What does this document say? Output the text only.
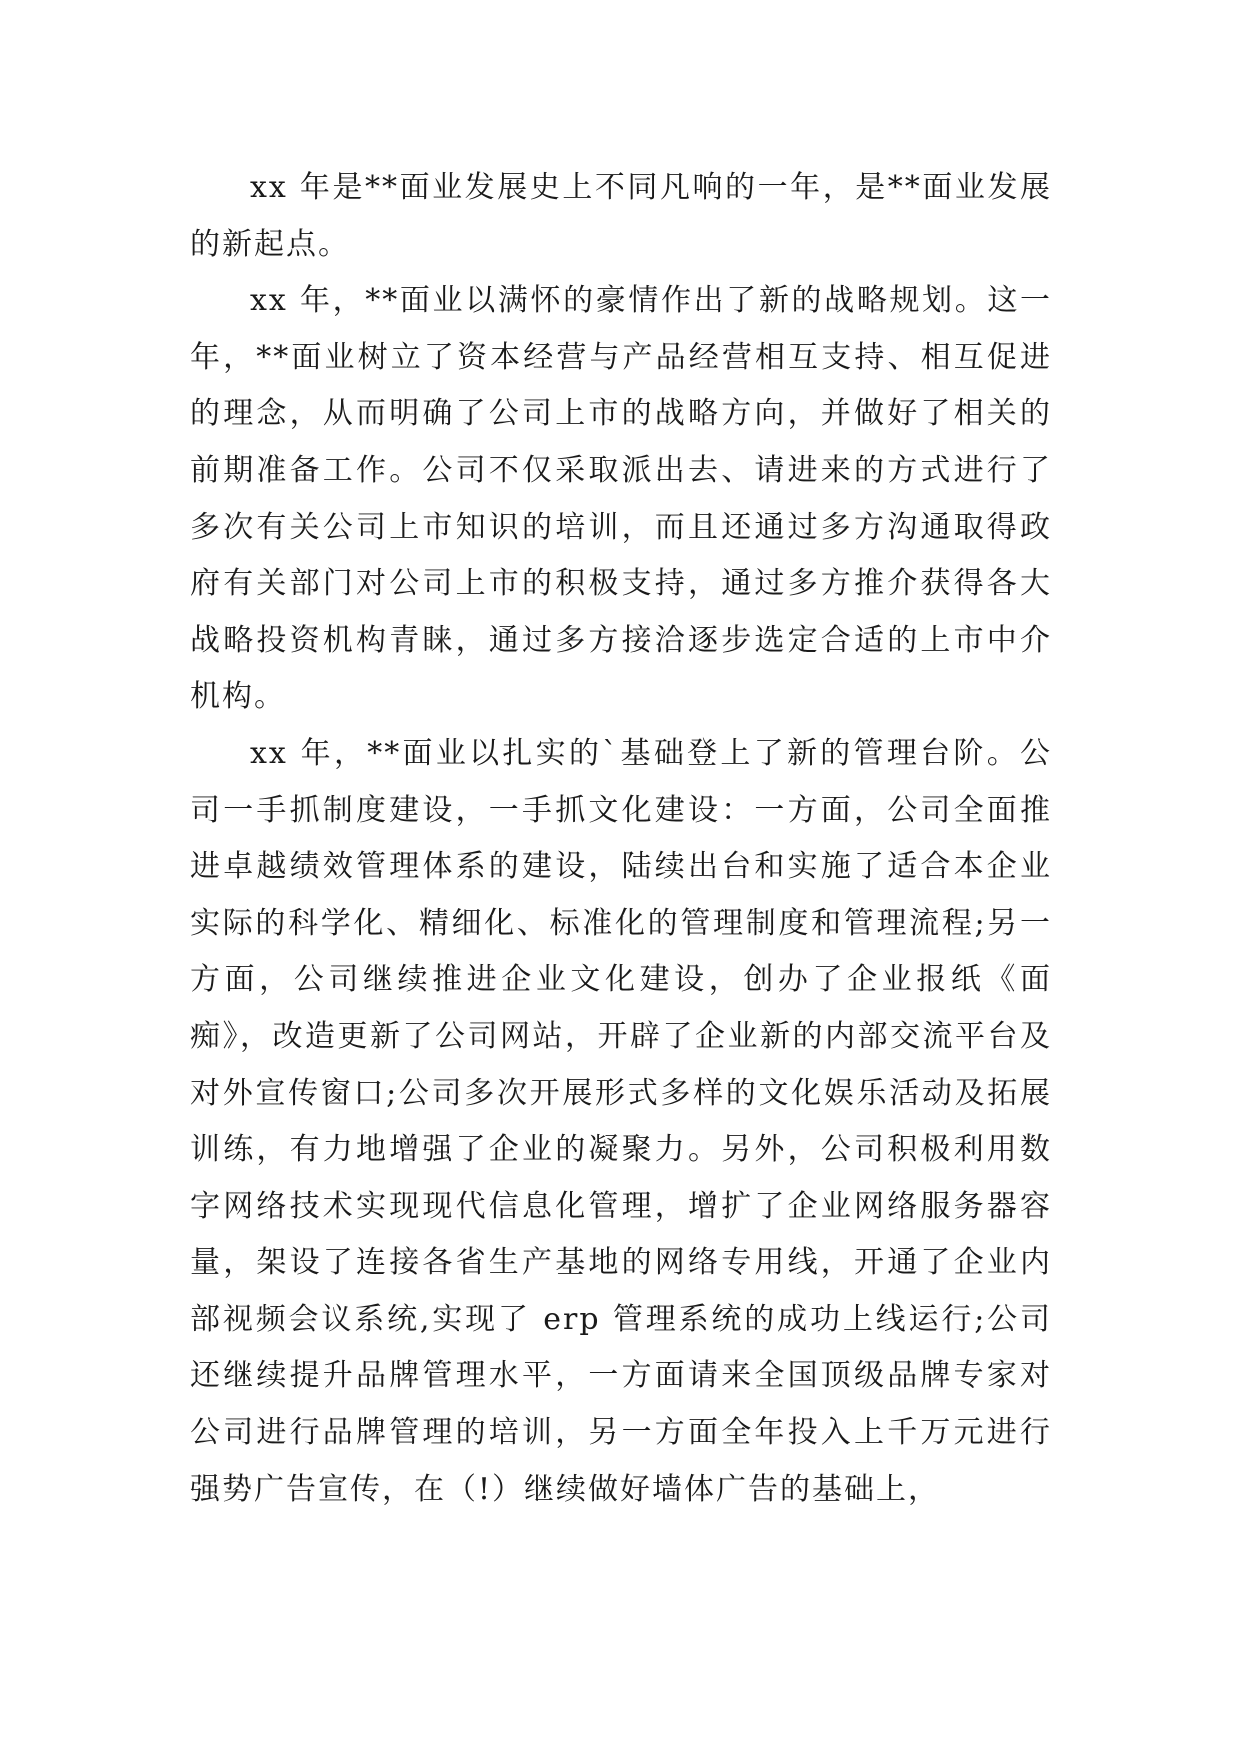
xx 年是**面业发展史上不同凡响的一年，是**面业发展的新起点。

xx 年，**面业以满怀的豪情作出了新的战略规划。这一年，**面业树立了资本经营与产品经营相互支持、相互促进的理念，从而明确了公司上市的战略方向，并做好了相关的前期准备工作。公司不仅采取派出去、请进来的方式进行了多次有关公司上市知识的培训，而且还通过多方沟通取得政府有关部门对公司上市的积极支持，通过多方推介获得各大战略投资机构青睐，通过多方接洽逐步选定合适的上市中介机构。

xx 年，**面业以扎实的`基础登上了新的管理台阶。公司一手抓制度建设，一手抓文化建设：一方面，公司全面推进卓越绩效管理体系的建设，陆续出台和实施了适合本企业实际的科学化、精细化、标准化的管理制度和管理流程;另一方面，公司继续推进企业文化建设，创办了企业报纸《面痴》，改造更新了公司网站，开辟了企业新的内部交流平台及对外宣传窗口;公司多次开展形式多样的文化娱乐活动及拓展训练，有力地增强了企业的凝聚力。另外，公司积极利用数字网络技术实现现代信息化管理，增扩了企业网络服务器容量，架设了连接各省生产基地的网络专用线，开通了企业内部视频会议系统,实现了 erp 管理系统的成功上线运行;公司还继续提升品牌管理水平，一方面请来全国顶级品牌专家对公司进行品牌管理的培训，另一方面全年投入上千万元进行强势广告宣传，在（!）继续做好墙体广告的基础上，
